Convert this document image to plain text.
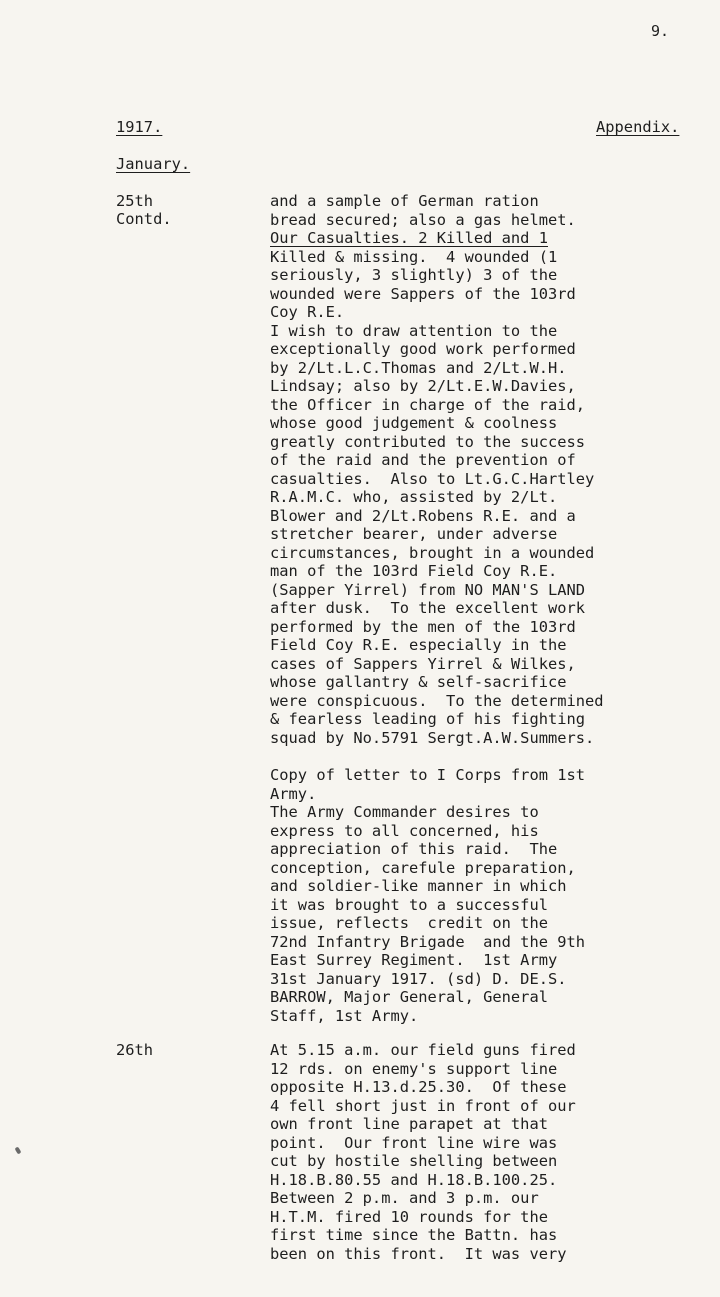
9.
1917.	Appendix.
January.
25th
Contd.
and a sample of German ration
bread secured; also a gas helmet.
Our Casualties. 2 Killed and 1
Killed & missing.  4 wounded (1
seriously, 3 slightly) 3 of the
wounded were Sappers of the 103rd
Coy R.E.
I wish to draw attention to the
exceptionally good work performed
by 2/Lt.L.C.Thomas and 2/Lt.W.H.
Lindsay; also by 2/Lt.E.W.Davies,
the Officer in charge of the raid,
whose good judgement & coolness
greatly contributed to the success
of the raid and the prevention of
casualties.  Also to Lt.G.C.Hartley
R.A.M.C. who, assisted by 2/Lt.
Blower and 2/Lt.Robens R.E. and a
stretcher bearer, under adverse
circumstances, brought in a wounded
man of the 103rd Field Coy R.E.
(Sapper Yirrel) from NO MAN'S LAND
after dusk.  To the excellent work
performed by the men of the 103rd
Field Coy R.E. especially in the
cases of Sappers Yirrel & Wilkes,
whose gallantry & self-sacrifice
were conspicuous.  To the determined
& fearless leading of his fighting
squad by No.5791 Sergt.A.W.Summers.
Copy of letter to I Corps from 1st
Army.
The Army Commander desires to
express to all concerned, his
appreciation of this raid.  The
conception, carefule preparation,
and soldier-like manner in which
it was brought to a successful
issue, reflects  credit on the
72nd Infantry Brigade  and the 9th
East Surrey Regiment.  1st Army
31st January 1917. (sd) D. DE.S.
BARROW, Major General, General
Staff, 1st Army.
26th	At 5.15 a.m. our field guns fired
12 rds. on enemy's support line
opposite H.13.d.25.30.  Of these
4 fell short just in front of our
own front line parapet at that
point.  Our front line wire was
cut by hostile shelling between
H.18.B.80.55 and H.18.B.100.25.
Between 2 p.m. and 3 p.m. our
H.T.M. fired 10 rounds for the
first time since the Battn. has
been on this front.  It was very
